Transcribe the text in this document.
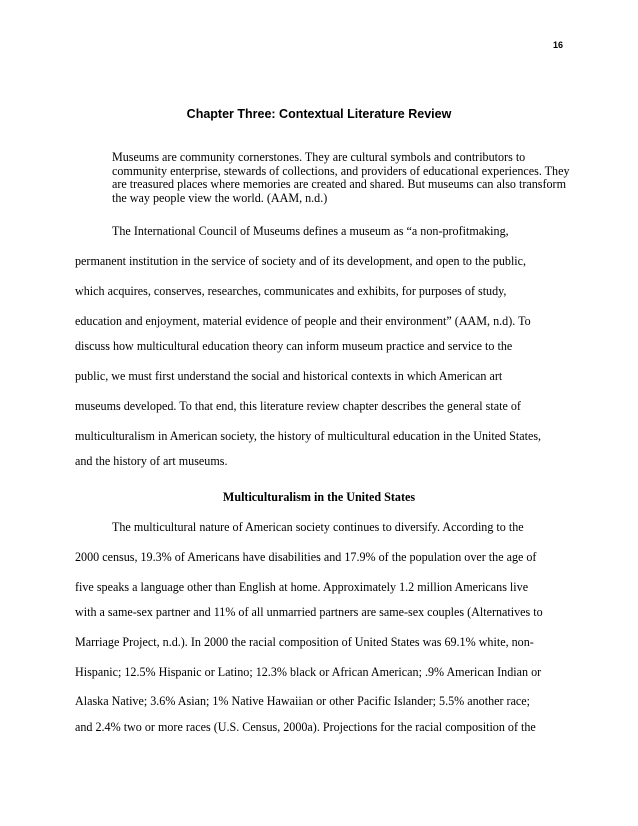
16
Chapter Three: Contextual Literature Review
Museums are community cornerstones. They are cultural symbols and contributors to community enterprise, stewards of collections, and providers of educational experiences. They are treasured places where memories are created and shared. But museums can also transform the way people view the world. (AAM, n.d.)
The International Council of Museums defines a museum as “a non-profitmaking,
permanent institution in the service of society and of its development, and open to the public,
which acquires, conserves, researches, communicates and exhibits, for purposes of study,
education and enjoyment, material evidence of people and their environment” (AAM, n.d). To
discuss how multicultural education theory can inform museum practice and service to the
public, we must first understand the social and historical contexts in which American art
museums developed. To that end, this literature review chapter describes the general state of
multiculturalism in American society, the history of multicultural education in the United States,
and the history of art museums.
Multiculturalism in the United States
The multicultural nature of American society continues to diversify. According to the
2000 census, 19.3% of Americans have disabilities and 17.9% of the population over the age of
five speaks a language other than English at home. Approximately 1.2 million Americans live
with a same-sex partner and 11% of all unmarried partners are same-sex couples (Alternatives to
Marriage Project, n.d.). In 2000 the racial composition of United States was 69.1% white, non-
Hispanic; 12.5% Hispanic or Latino; 12.3% black or African American; .9% American Indian or
Alaska Native; 3.6% Asian; 1% Native Hawaiian or other Pacific Islander; 5.5% another race;
and 2.4% two or more races (U.S. Census, 2000a). Projections for the racial composition of the
